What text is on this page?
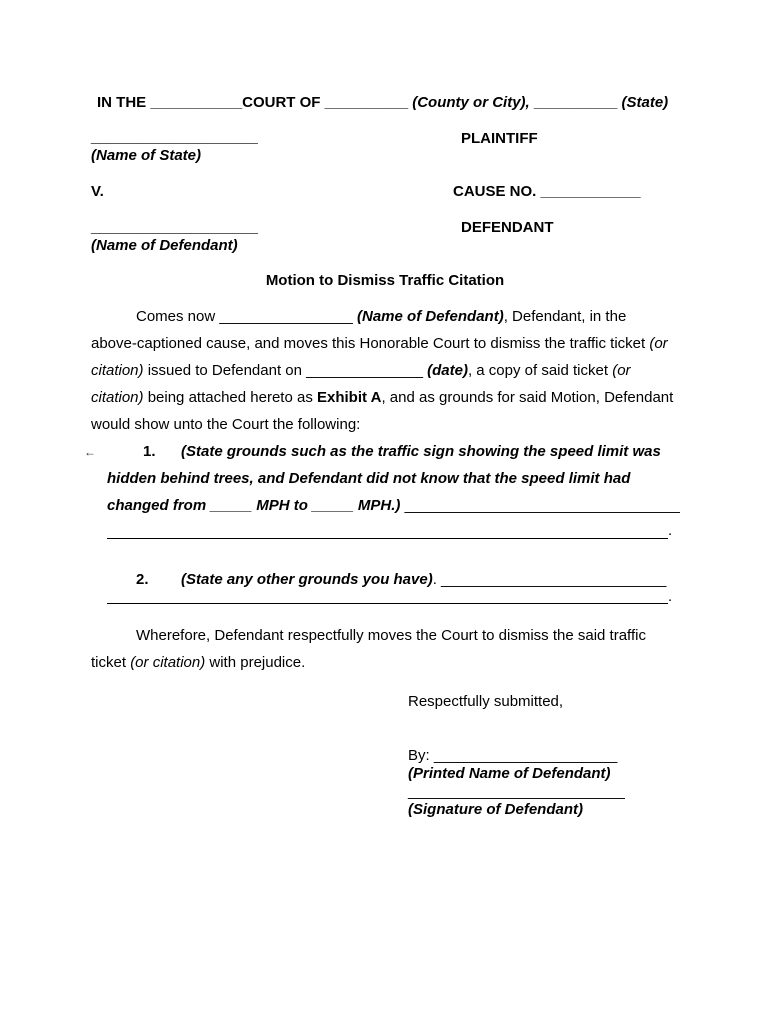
IN THE ___________COURT OF __________ (County or City), __________ (State)
____________________	PLAINTIFF
(Name of State)
V.	CAUSE NO. ____________
____________________	DEFENDANT
(Name of Defendant)
Motion to Dismiss Traffic Citation
Comes now ________________ (Name of Defendant), Defendant, in the
above-captioned cause, and moves this Honorable Court to dismiss the traffic ticket (or
citation) issued to Defendant on ______________ (date), a copy of said ticket (or
citation) being attached hereto as Exhibit A, and as grounds for said Motion, Defendant
would show unto the Court the following:
←	1. (State grounds such as the traffic sign showing the speed limit was
hidden behind trees, and Defendant did not know that the speed limit had
changed from _____ MPH to _____ MPH.) _________________________________
.
2. (State any other grounds you have). ___________________________
.
Wherefore, Defendant respectfully moves the Court to dismiss the said traffic
ticket (or citation) with prejudice.
Respectfully submitted,
By: ______________________
(Printed Name of Defendant)
__________________________
(Signature of Defendant)
